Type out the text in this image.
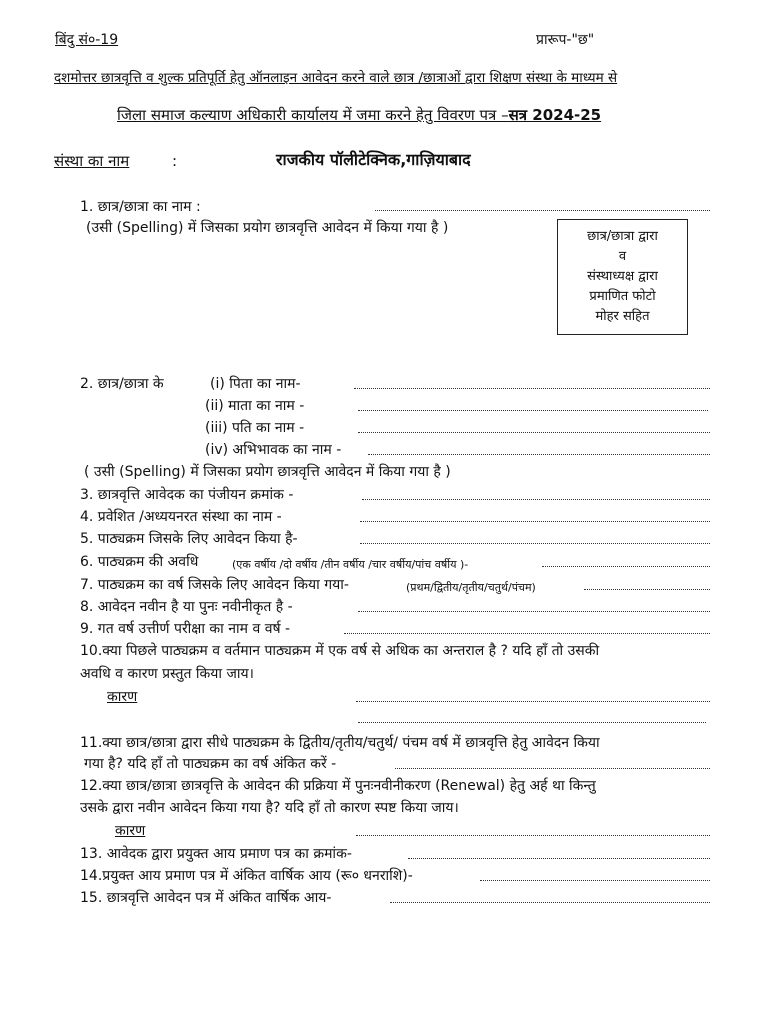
बिंदु सं०-19	प्रारूप-"छ"
दशमोत्तर छात्रवृत्ति व शुल्क प्रतिपूर्ति हेतु ऑनलाइन आवेदन करने वाले छात्र /छात्राओं द्वारा शिक्षण संस्था के माध्यम से
जिला समाज कल्याण अधिकारी कार्यालय में जमा करने हेतु विवरण पत्र –सत्र 2024-25
संस्था का नाम	:	राजकीय पॉलीटेक्निक,गाज़ियाबाद
छात्र/छात्रा द्वारा
व
संस्थाध्यक्ष द्वारा
प्रमाणित फोटो
मोहर सहित
1. छात्र/छात्रा का नाम :
(उसी (Spelling) में जिसका प्रयोग छात्रवृत्ति आवेदन में किया गया है )
2. छात्र/छात्रा के	(i) पिता का नाम-
(ii) माता का नाम -
(iii) पति का नाम -
(iv) अभिभावक का नाम -
( उसी (Spelling) में जिसका प्रयोग छात्रवृत्ति आवेदन में किया गया है )
3. छात्रवृत्ति आवेदक का पंजीयन क्रमांक -
4. प्रवेशित /अध्ययनरत संस्था का नाम -
5. पाठ्यक्रम जिसके लिए आवेदन किया है-
6. पाठ्यक्रम की अवधि	(एक वर्षीय /दो वर्षीय /तीन वर्षीय /चार वर्षीय/पांच वर्षीय )-
7. पाठ्यक्रम का वर्ष जिसके लिए आवेदन किया गया-	(प्रथम/द्वितीय/तृतीय/चतुर्थ/पंचम)
8. आवेदन नवीन है या पुनः नवीनीकृत है -
9. गत वर्ष उत्तीर्ण परीक्षा का नाम व वर्ष -
10.क्या पिछले पाठ्यक्रम व वर्तमान पाठ्यक्रम में एक वर्ष से अधिक का अन्तराल है ? यदि हाँ तो उसकी
अवधि व कारण प्रस्तुत किया जाय।
कारण
11.क्या छात्र/छात्रा द्वारा सीधे पाठ्यक्रम के द्वितीय/तृतीय/चतुर्थ/ पंचम वर्ष में छात्रवृत्ति हेतु आवेदन किया
गया है? यदि हाँ तो पाठ्यक्रम का वर्ष अंकित करें -
12.क्या छात्र/छात्रा छात्रवृत्ति के आवेदन की प्रक्रिया में पुनःनवीनीकरण (Renewal) हेतु अर्ह था किन्तु
उसके द्वारा नवीन आवेदन किया गया है? यदि हाँ तो कारण स्पष्ट किया जाय।
कारण
13. आवेदक द्वारा प्रयुक्त आय प्रमाण पत्र का क्रमांक-
14.प्रयुक्त आय प्रमाण पत्र में अंकित वार्षिक आय (रू० धनराशि)-
15. छात्रवृत्ति आवेदन पत्र में अंकित वार्षिक आय-
